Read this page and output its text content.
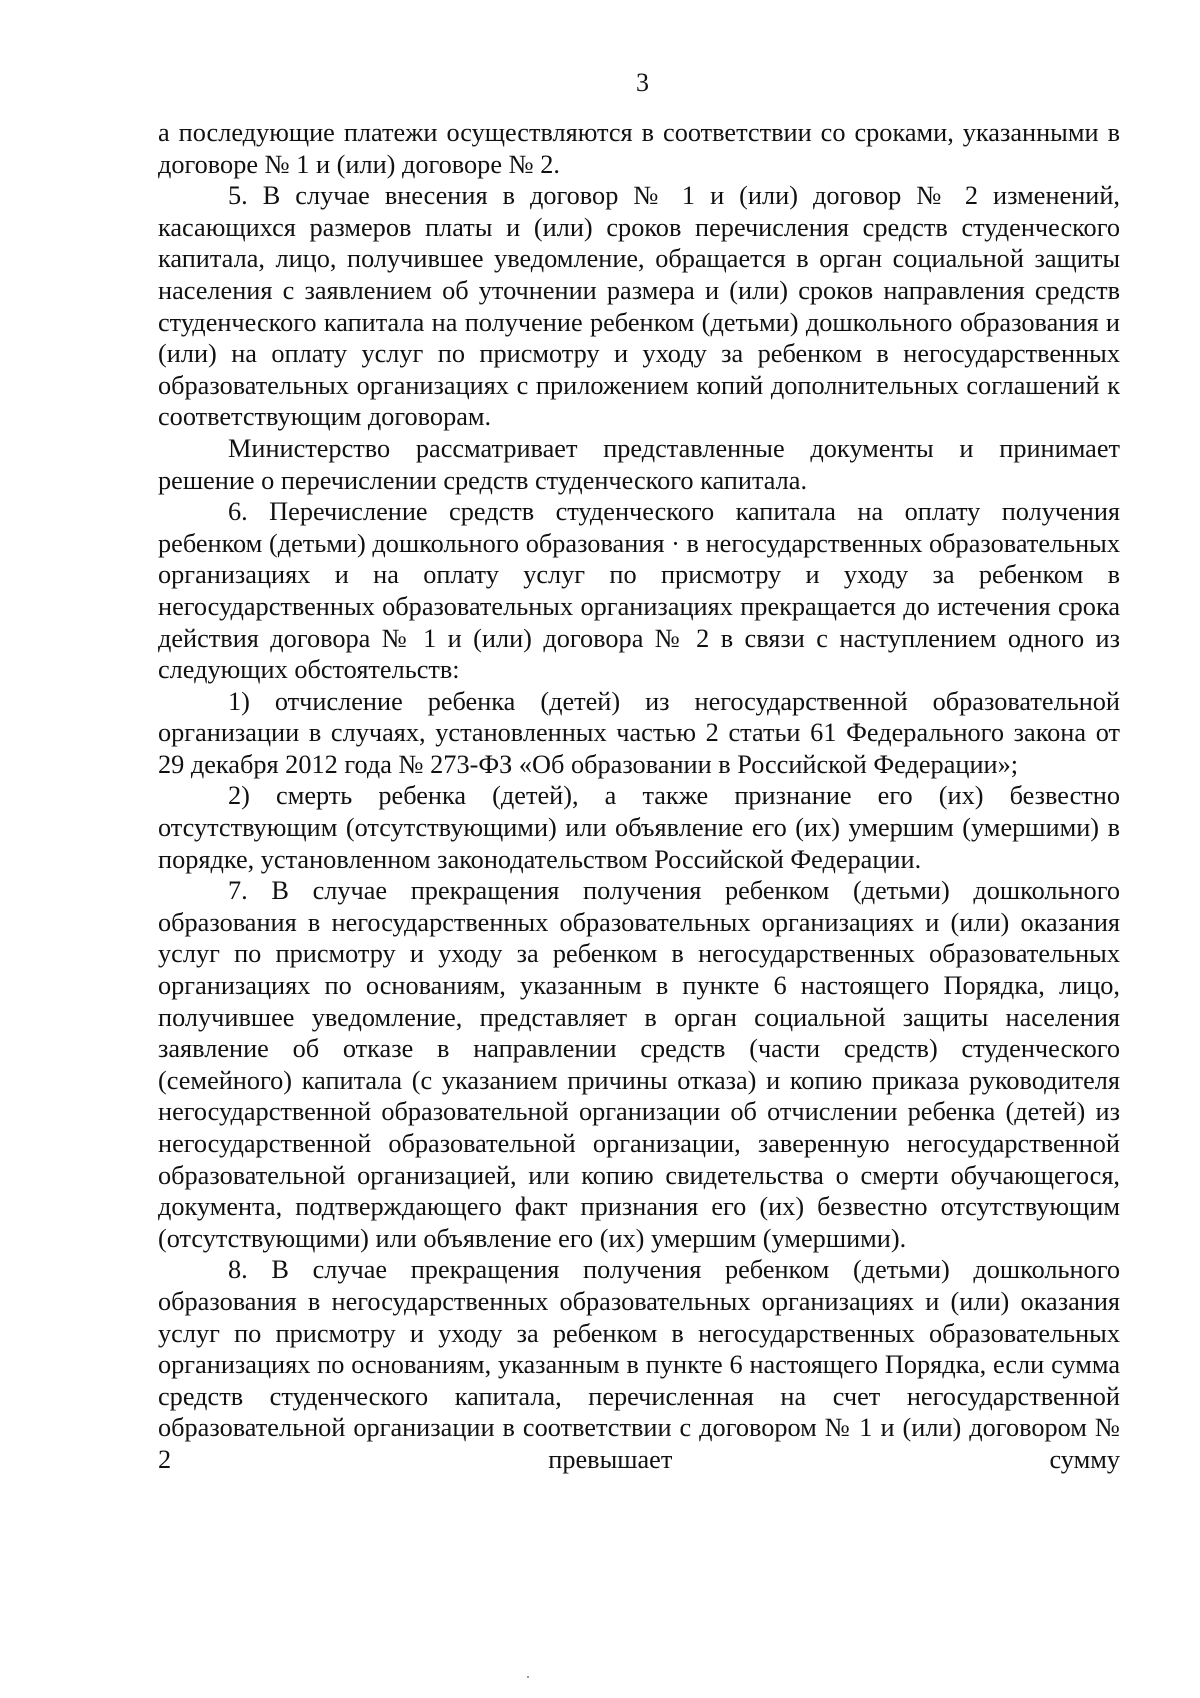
3

а последующие платежи осуществляются в соответствии со сроками, указанными в договоре № 1 и (или) договоре № 2.

5. В случае внесения в договор № 1 и (или) договор № 2 изменений, касающихся размеров платы и (или) сроков перечисления средств студенческого капитала, лицо, получившее уведомление, обращается в орган социальной защиты населения с заявлением об уточнении размера и (или) сроков направления средств студенческого капитала на получение ребенком (детьми) дошкольного образования и (или) на оплату услуг по присмотру и уходу за ребенком в негосударственных образовательных организациях с приложением копий дополнительных соглашений к соответствующим договорам.

Министерство рассматривает представленные документы и принимает решение о перечислении средств студенческого капитала.

6. Перечисление средств студенческого капитала на оплату получения ребенком (детьми) дошкольного образования · в негосударственных образовательных организациях и на оплату услуг по присмотру и уходу за ребенком в негосударственных образовательных организациях прекращается до истечения срока действия договора № 1 и (или) договора № 2 в связи с наступлением одного из следующих обстоятельств:

1) отчисление ребенка (детей) из негосударственной образовательной организации в случаях, установленных частью 2 статьи 61 Федерального закона от 29 декабря 2012 года № 273-ФЗ «Об образовании в Российской Федерации»;

2) смерть ребенка (детей), а также признание его (их) безвестно отсутствующим (отсутствующими) или объявление его (их) умершим (умершими) в порядке, установленном законодательством Российской Федерации.

7. В случае прекращения получения ребенком (детьми) дошкольного образования в негосударственных образовательных организациях и (или) оказания услуг по присмотру и уходу за ребенком в негосударственных образовательных организациях по основаниям, указанным в пункте 6 настоящего Порядка, лицо, получившее уведомление, представляет в орган социальной защиты населения заявление об отказе в направлении средств (части средств) студенческого (семейного) капитала (с указанием причины отказа) и копию приказа руководителя негосударственной образовательной организации об отчислении ребенка (детей) из негосударственной образовательной организации, заверенную негосударственной образовательной организацией, или копию свидетельства о смерти обучающегося, документа, подтверждающего факт признания его (их) безвестно отсутствующим (отсутствующими) или объявление его (их) умершим (умершими).

8. В случае прекращения получения ребенком (детьми) дошкольного образования в негосударственных образовательных организациях и (или) оказания услуг по присмотру и уходу за ребенком в негосударственных образовательных организациях по основаниям, указанным в пункте 6 настоящего Порядка, если сумма средств студенческого капитала, перечисленная на счет негосударственной образовательной организации в соответствии с договором № 1 и (или) договором № 2 превышает сумму
